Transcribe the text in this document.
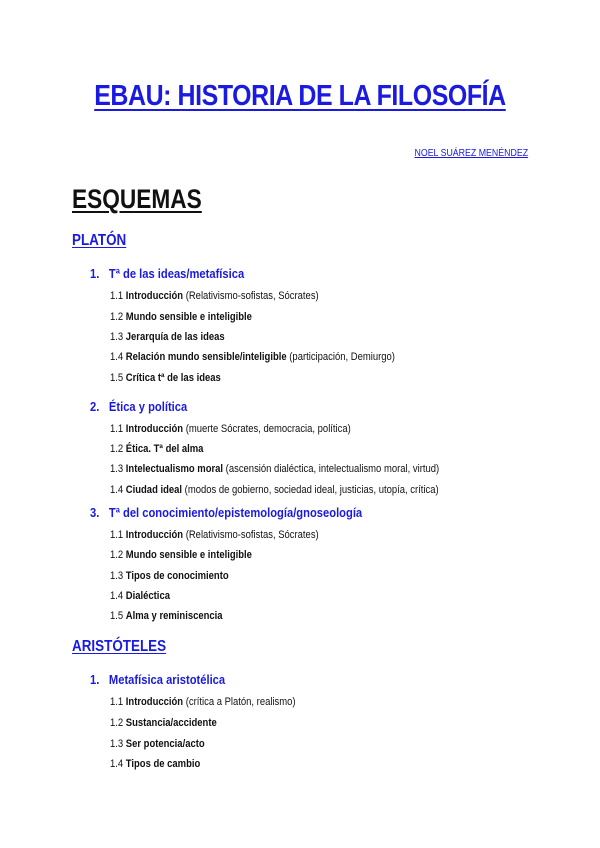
EBAU: HISTORIA DE LA FILOSOFÍA
NOEL SUÁREZ MENÉNDEZ
ESQUEMAS
PLATÓN
1. Tª de las ideas/metafísica
1.1 Introducción (Relativismo-sofistas, Sócrates)
1.2 Mundo sensible e inteligible
1.3 Jerarquía de las ideas
1.4 Relación mundo sensible/inteligible (participación, Demiurgo)
1.5 Crítica tª de las ideas
2. Ética y política
1.1 Introducción (muerte Sócrates, democracia, política)
1.2 Ética. Tª del alma
1.3 Intelectualismo moral (ascensión dialéctica, intelectualismo moral, virtud)
1.4 Ciudad ideal (modos de gobierno, sociedad ideal, justicias, utopía, crítica)
3. Tª del conocimiento/epistemología/gnoseología
1.1 Introducción (Relativismo-sofistas, Sócrates)
1.2 Mundo sensible e inteligible
1.3 Tipos de conocimiento
1.4 Dialéctica
1.5 Alma y reminiscencia
ARISTÓTELES
1. Metafísica aristotélica
1.1 Introducción (crítica a Platón, realismo)
1.2 Sustancia/accidente
1.3 Ser potencia/acto
1.4 Tipos de cambio
